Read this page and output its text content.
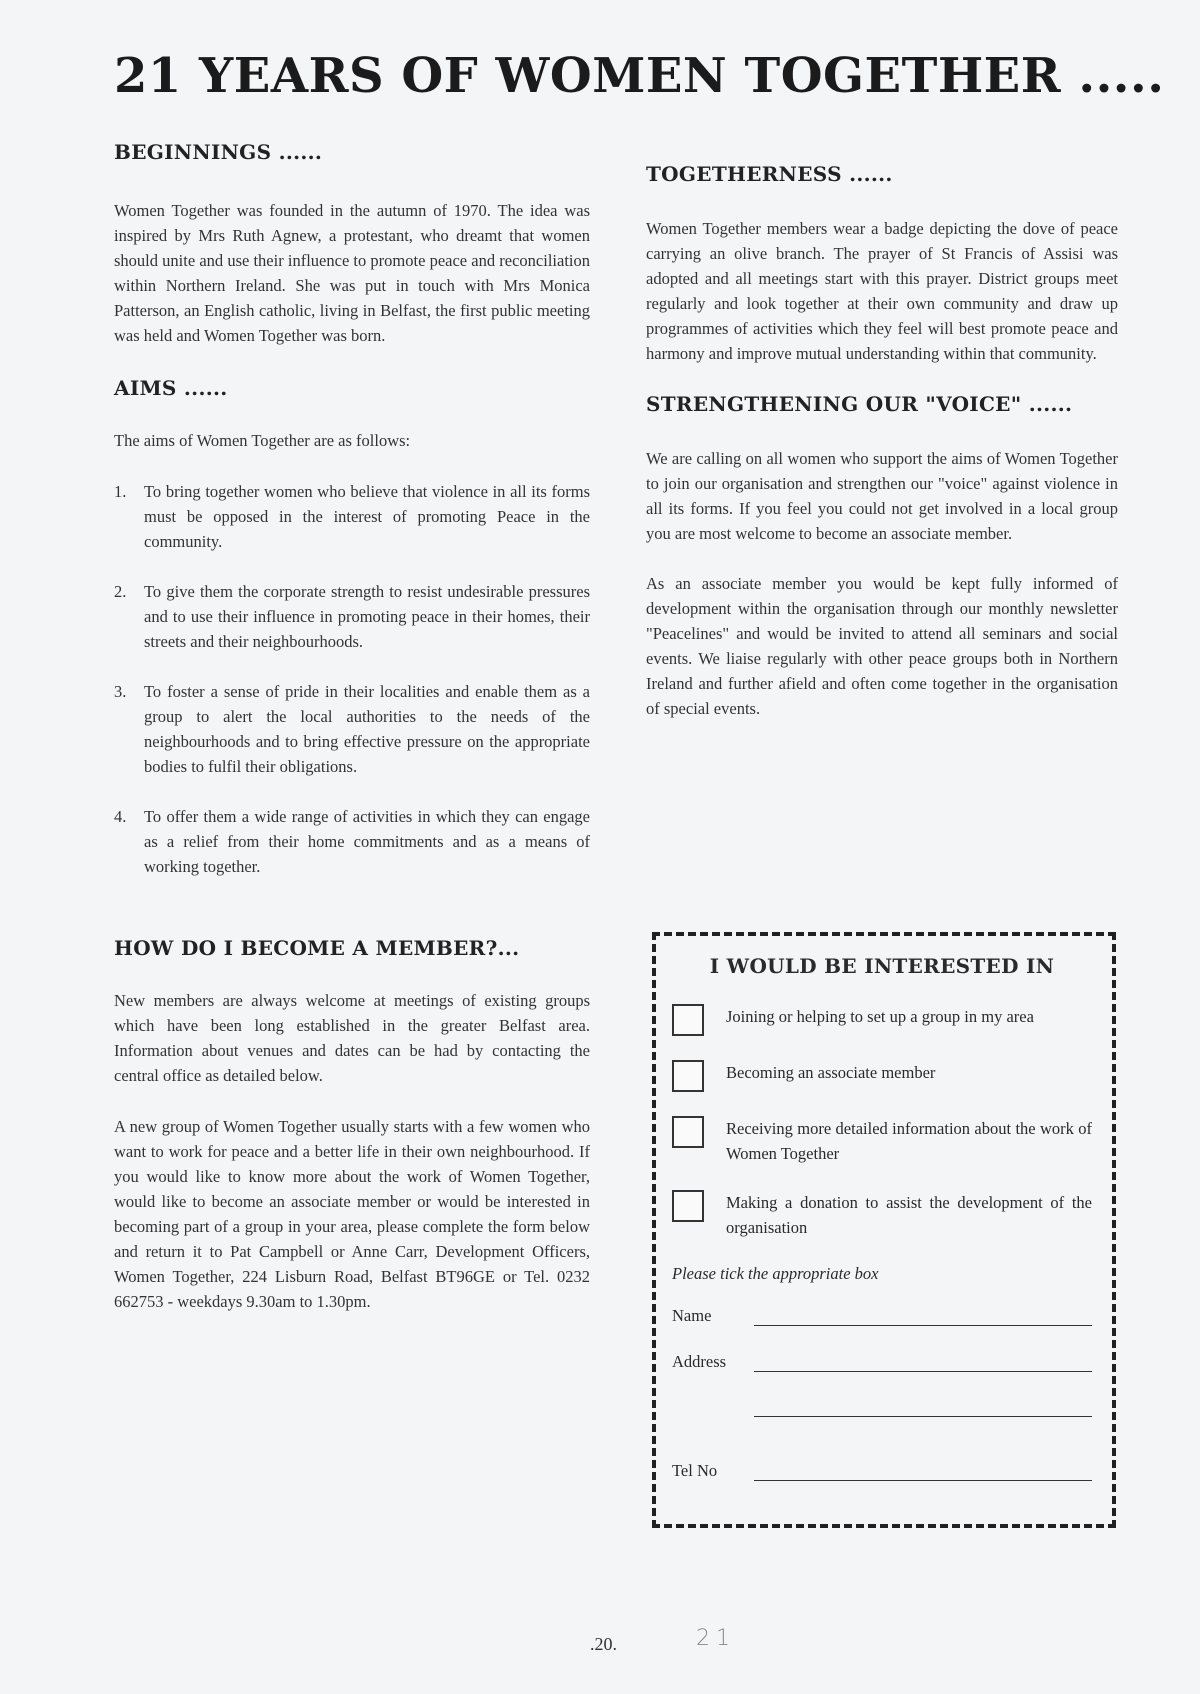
21 YEARS OF WOMEN TOGETHER .....
BEGINNINGS ......

Women Together was founded in the autumn of 1970. The idea was inspired by Mrs Ruth Agnew, a protestant, who dreamt that women should unite and use their influence to promote peace and reconciliation within Northern Ireland. She was put in touch with Mrs Monica Patterson, an English catholic, living in Belfast, the first public meeting was held and Women Together was born.

AIMS ......

The aims of Women Together are as follows:

1. To bring together women who believe that violence in all its forms must be opposed in the interest of promoting Peace in the community.
2. To give them the corporate strength to resist undesirable pressures and to use their influence in promoting peace in their homes, their streets and their neighbourhoods.
3. To foster a sense of pride in their localities and enable them as a group to alert the local authorities to the needs of the neighbourhoods and to bring effective pressure on the appropriate bodies to fulfil their obligations.
4. To offer them a wide range of activities in which they can engage as a relief from their home commitments and as a means of working together.
HOW DO I BECOME A MEMBER?...

New members are always welcome at meetings of existing groups which have been long established in the greater Belfast area. Information about venues and dates can be had by contacting the central office as detailed below.

A new group of Women Together usually starts with a few women who want to work for peace and a better life in their own neighbourhood. If you would like to know more about the work of Women Together, would like to become an associate member or would be interested in becoming part of a group in your area, please complete the form below and return it to Pat Campbell or Anne Carr, Development Officers, Women Together, 224 Lisburn Road, Belfast BT96GE or Tel. 0232 662753 - weekdays 9.30am to 1.30pm.

TOGETHERNESS ......

Women Together members wear a badge depicting the dove of peace carrying an olive branch. The prayer of St Francis of Assisi was adopted and all meetings start with this prayer. District groups meet regularly and look together at their own community and draw up programmes of activities which they feel will best promote peace and harmony and improve mutual understanding within that community.

STRENGTHENING OUR "VOICE" ......

We are calling on all women who support the aims of Women Together to join our organisation and strengthen our "voice" against violence in all its forms. If you feel you could not get involved in a local group you are most welcome to become an associate member.

As an associate member you would be kept fully informed of development within the organisation through our monthly newsletter "Peacelines" and would be invited to attend all seminars and social events. We liaise regularly with other peace groups both in Northern Ireland and further afield and often come together in the organisation of special events.

I WOULD BE INTERESTED IN
Joining or helping to set up a group in my area
Becoming an associate member
Receiving more detailed information about the work of Women Together
Making a donation to assist the development of the organisation
Please tick the appropriate box
Name
Address
Tel No
.20.	21
